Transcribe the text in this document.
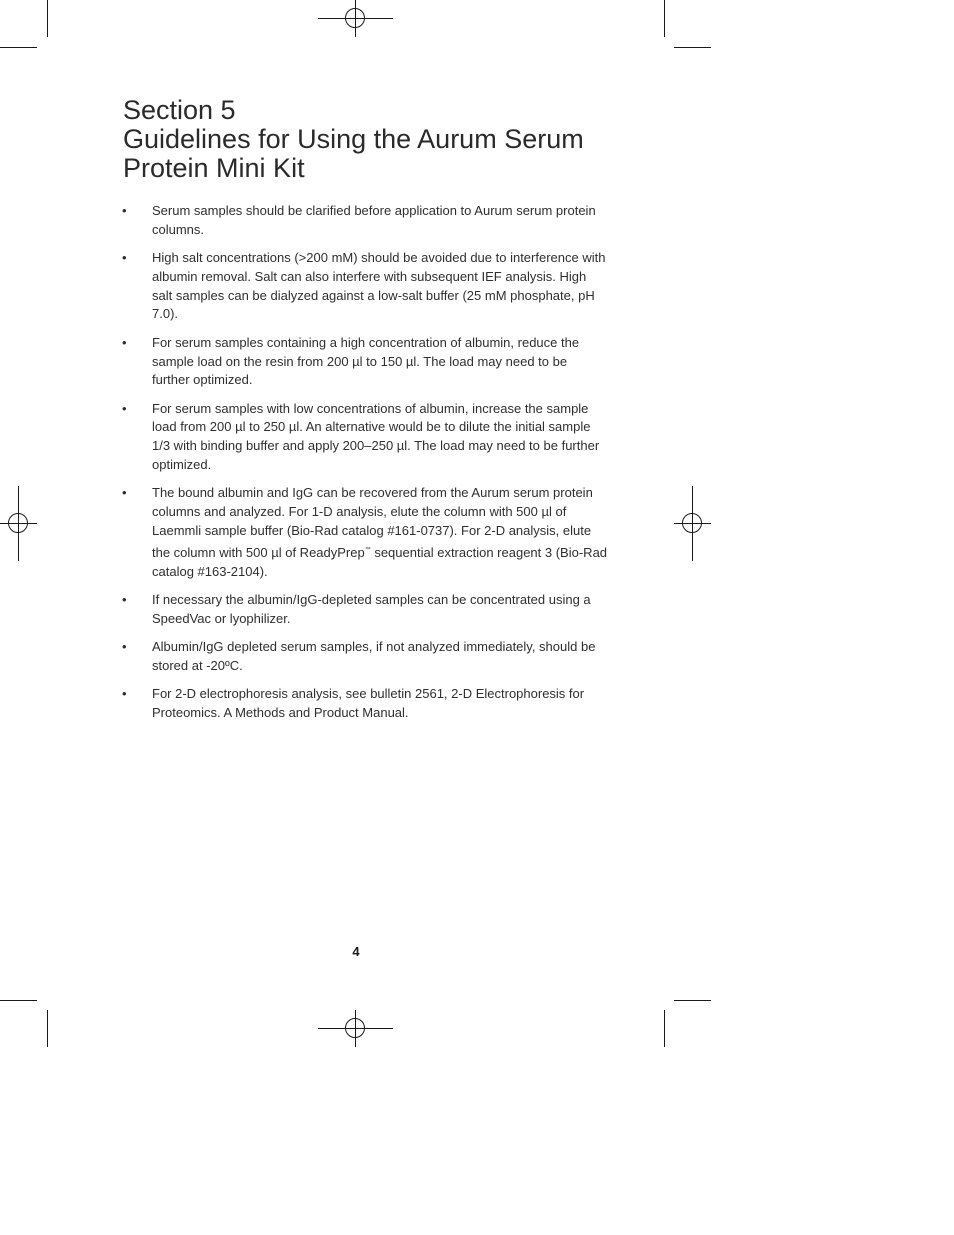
Section 5
Guidelines for Using the Aurum Serum
Protein Mini Kit
• Serum samples should be clarified before application to Aurum serum protein columns.
• High salt concentrations (>200 mM) should be avoided due to interference with albumin removal. Salt can also interfere with subsequent IEF analysis. High salt samples can be dialyzed against a low-salt buffer (25 mM phosphate, pH 7.0).
• For serum samples containing a high concentration of albumin, reduce the sample load on the resin from 200 µl to 150 µl. The load may need to be further optimized.
• For serum samples with low concentrations of albumin, increase the sample load from 200 µl to 250 µl. An alternative would be to dilute the initial sample 1/3 with binding buffer and apply 200–250 µl. The load may need to be further optimized.
• The bound albumin and IgG can be recovered from the Aurum serum protein columns and analyzed. For 1-D analysis, elute the column with 500 µl of Laemmli sample buffer (Bio-Rad catalog #161-0737). For 2-D analysis, elute the column with 500 µl of ReadyPrep™ sequential extraction reagent 3 (Bio-Rad catalog #163-2104).
• If necessary the albumin/IgG-depleted samples can be concentrated using a SpeedVac or lyophilizer.
• Albumin/IgG depleted serum samples, if not analyzed immediately, should be stored at -20ºC.
• For 2-D electrophoresis analysis, see bulletin 2561, 2-D Electrophoresis for Proteomics. A Methods and Product Manual.
4
